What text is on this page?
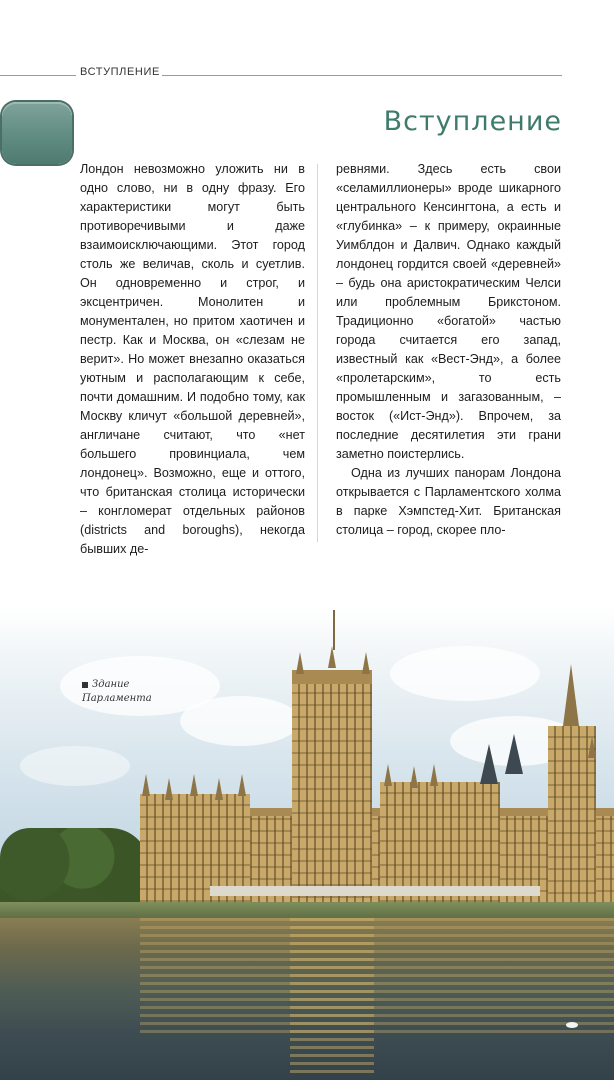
ВСТУПЛЕНИЕ
Вступление

Лондон невозможно уложить ни в одно слово, ни в одну фразу. Его характеристики могут быть противоречивыми и даже взаимоисключающими. Этот город столь же величав, сколь и суетлив. Он одновременно и строг, и эксцентричен. Монолитен и монументален, но притом хаотичен и пестр. Как и Москва, он «слезам не верит». Но может внезапно оказаться уютным и располагающим к себе, почти домашним. И подобно тому, как Москву кличут «большой деревней», англичане считают, что «нет большего провинциала, чем лондонец». Возможно, еще и оттого, что британская столица исторически – конгломерат отдельных районов (districts and boroughs), некогда бывших де-

ревнями. Здесь есть свои «селамиллионеры» вроде шикарного центрального Кенсингтона, а есть и «глубинка» – к примеру, окраинные Уимблдон и Далвич. Однако каждый лондонец гордится своей «деревней» – будь она аристократическим Челси или проблемным Брикстоном. Традиционно «богатой» частью города считается его запад, известный как «Вест-Энд», а более «пролетарским», то есть промышленным и загазованным, – восток («Ист-Энд»). Впрочем, за последние десятилетия эти грани заметно поистерлись.

Одна из лучших панорам Лондона открывается с Парламентского холма в парке Хэмпстед-Хит. Британская столица – город, скорее пло-

Здание
Парламента
